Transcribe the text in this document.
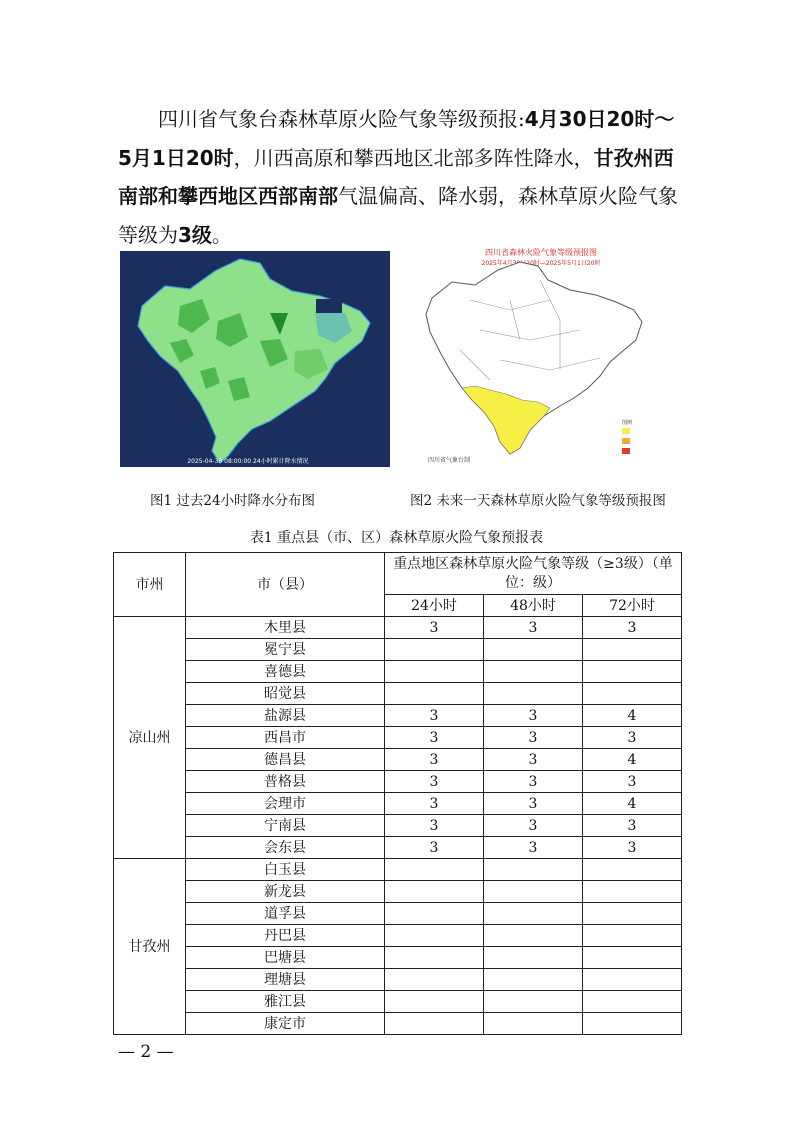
四川省气象台森林草原火险气象等级预报:4月30日20时～5月1日20时，川西高原和攀西地区北部多阵性降水，甘孜州西南部和攀西地区西部南部气温偏高、降水弱，森林草原火险气象等级为3级。

2025-04-30 08:00:00 24小时累计降水情况
四川省森林火险气象等级预报图
2025年4月30日20时—2025年5月1日20时
图例
四川省气象台制
图1 过去24小时降水分布图	图2 未来一天森林草原火险气象等级预报图
表1 重点县（市、区）森林草原火险气象预报表
市州	市（县）	重点地区森林草原火险气象等级（≥3级）（单位：级）		
		24小时	48小时	72小时
凉山州	木里县	3	3	3
	冕宁县			
	喜德县			
	昭觉县			
	盐源县	3	3	4
	西昌市	3	3	3
	德昌县	3	3	4
	普格县	3	3	3
	会理市	3	3	4
	宁南县	3	3	3
	会东县	3	3	3
甘孜州	白玉县			
	新龙县			
	道孚县			
	丹巴县			
	巴塘县			
	理塘县			
	雅江县			
	康定市			
— 2 —
